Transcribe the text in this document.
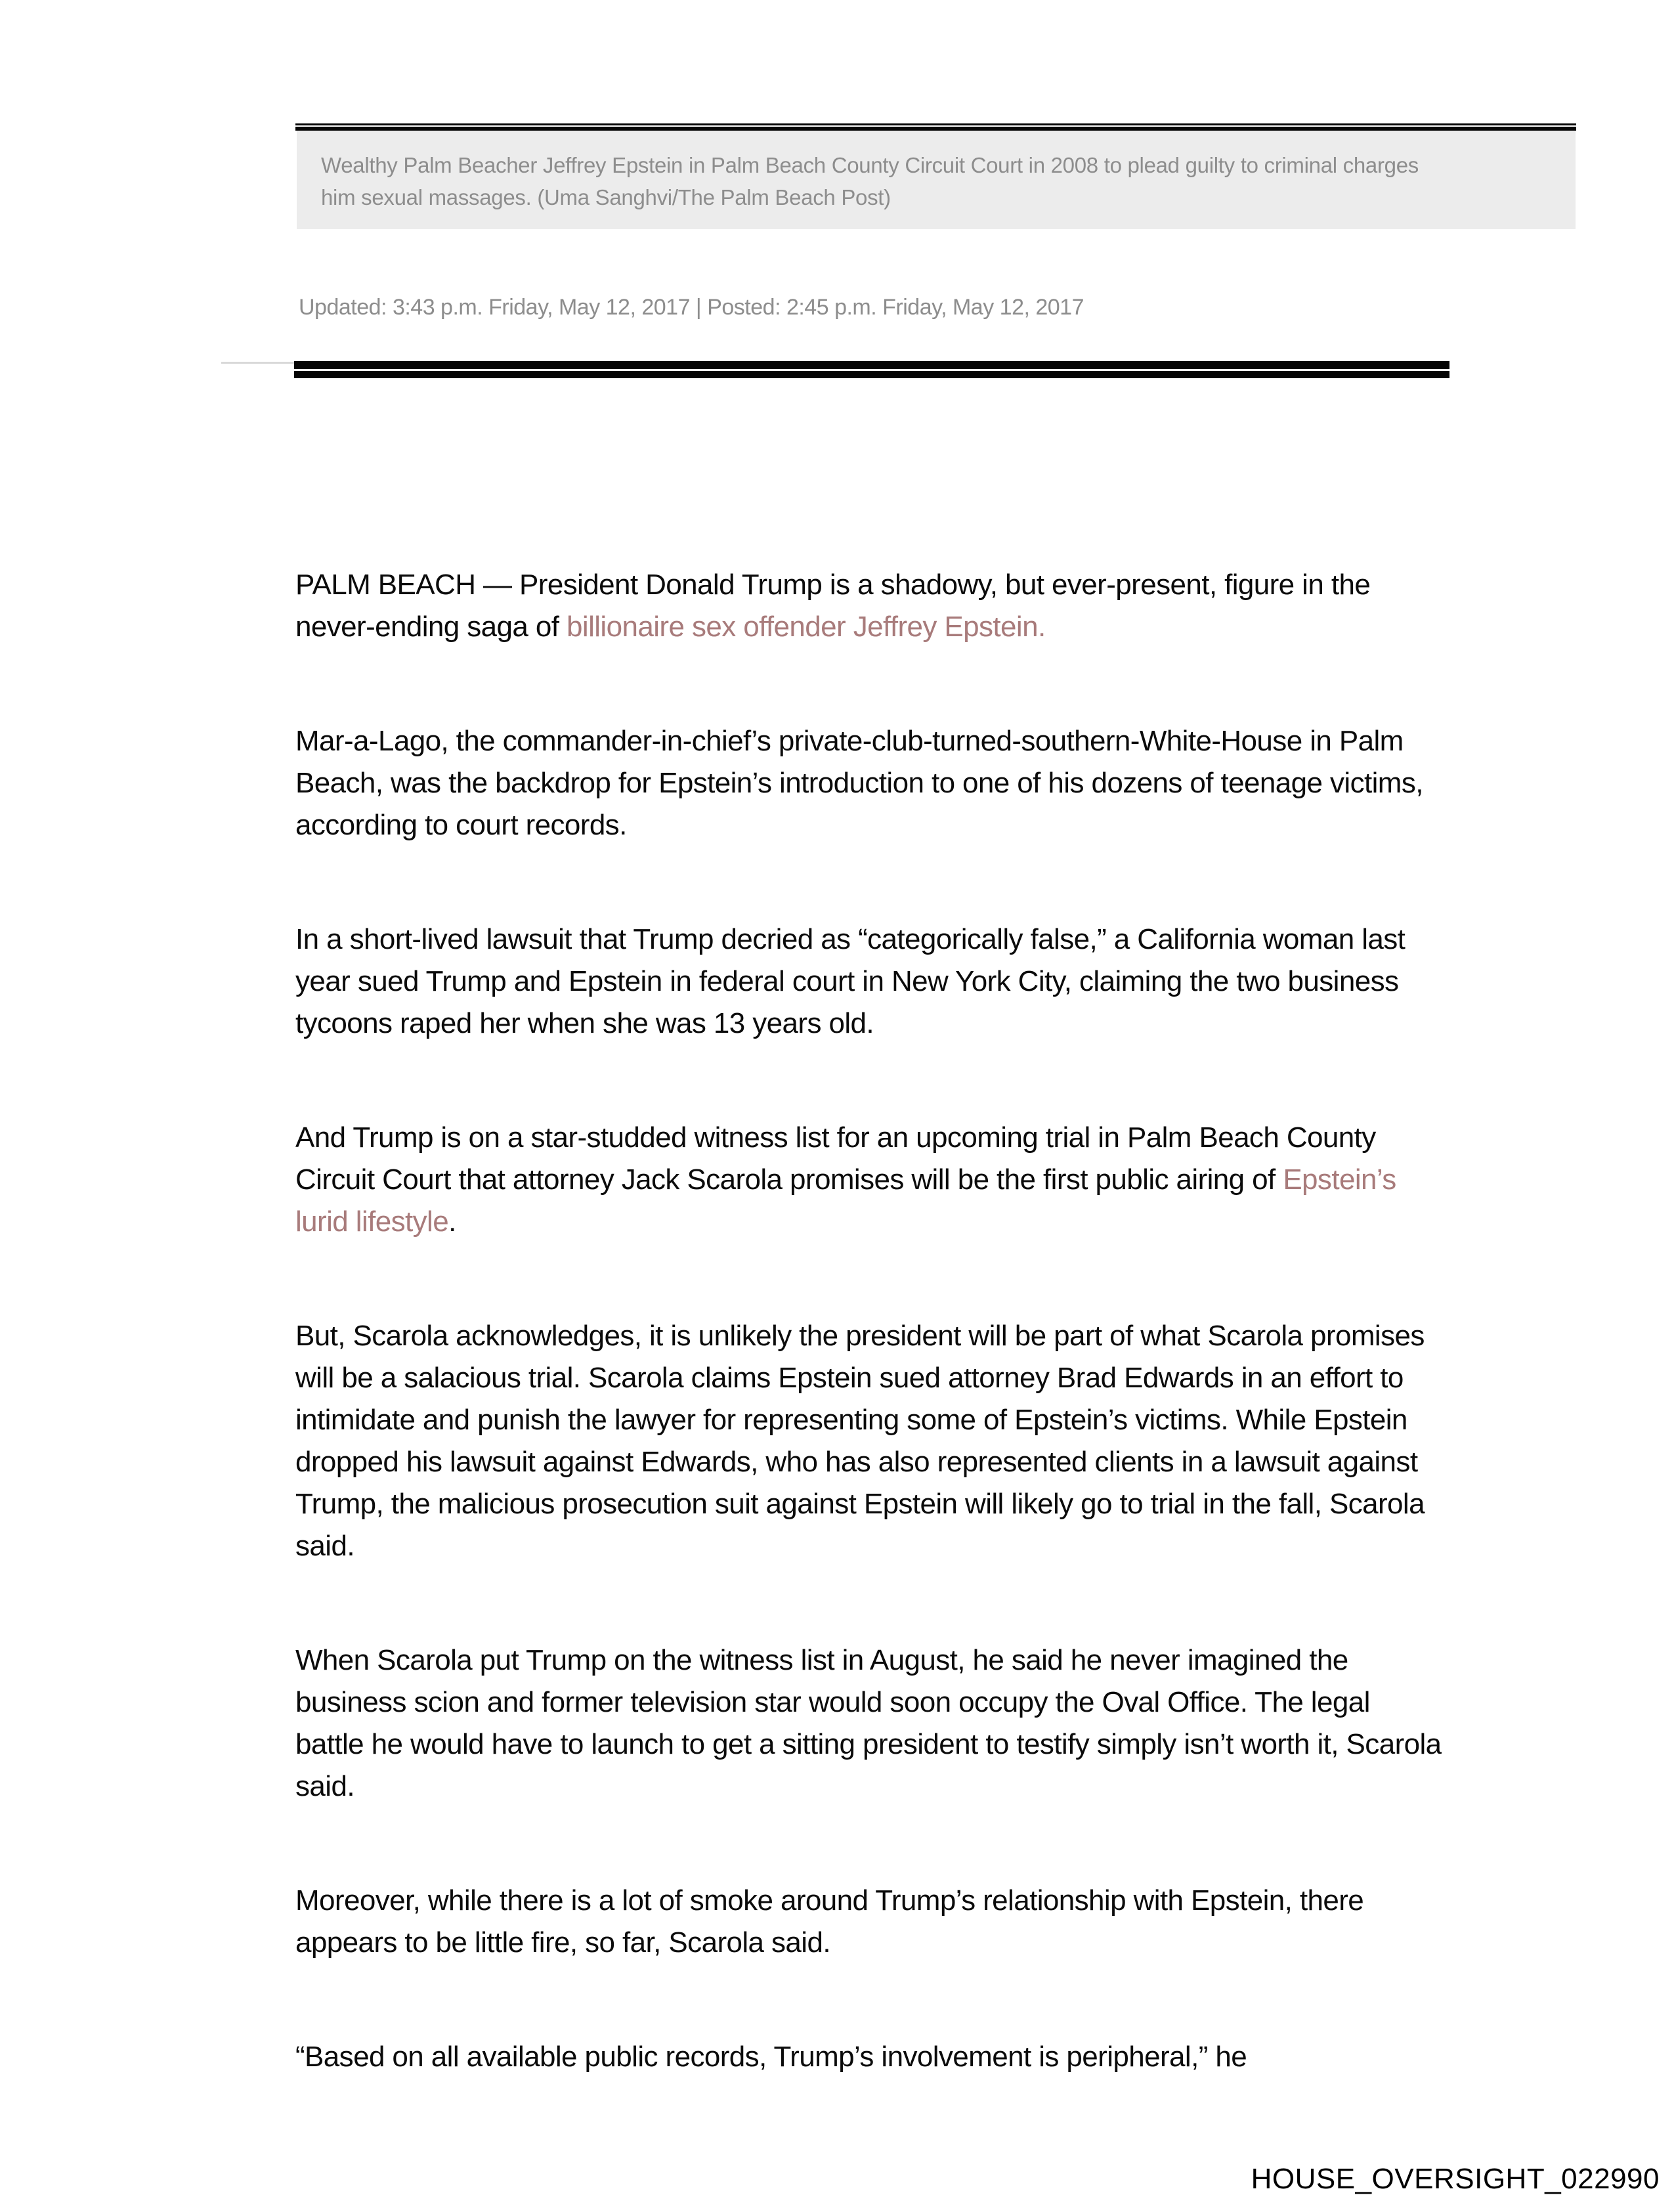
Wealthy Palm Beacher Jeffrey Epstein in Palm Beach County Circuit Court in 2008 to plead guilty to criminal charges
him sexual massages. (Uma Sanghvi/The Palm Beach Post)
Updated: 3:43 p.m. Friday, May 12, 2017 | Posted: 2:45 p.m. Friday, May 12, 2017

PALM BEACH — President Donald Trump is a shadowy, but ever-present, figure in the never-ending saga of billionaire sex offender Jeffrey Epstein.

Mar-a-Lago, the commander-in-chief’s private-club-turned-southern-White-House in Palm Beach, was the backdrop for Epstein’s introduction to one of his dozens of teenage victims, according to court records.

In a short-lived lawsuit that Trump decried as “categorically false,” a California woman last year sued Trump and Epstein in federal court in New York City, claiming the two business tycoons raped her when she was 13 years old.

And Trump is on a star-studded witness list for an upcoming trial in Palm Beach County Circuit Court that attorney Jack Scarola promises will be the first public airing of Epstein’s lurid lifestyle.

But, Scarola acknowledges, it is unlikely the president will be part of what Scarola promises will be a salacious trial. Scarola claims Epstein sued attorney Brad Edwards in an effort to intimidate and punish the lawyer for representing some of Epstein’s victims. While Epstein dropped his lawsuit against Edwards, who has also represented clients in a lawsuit against Trump, the malicious prosecution suit against Epstein will likely go to trial in the fall, Scarola said.

When Scarola put Trump on the witness list in August, he said he never imagined the business scion and former television star would soon occupy the Oval Office. The legal battle he would have to launch to get a sitting president to testify simply isn’t worth it, Scarola said.

Moreover, while there is a lot of smoke around Trump’s relationship with Epstein, there appears to be little fire, so far, Scarola said.

“Based on all available public records, Trump’s involvement is peripheral,” he

HOUSE_OVERSIGHT_022990
